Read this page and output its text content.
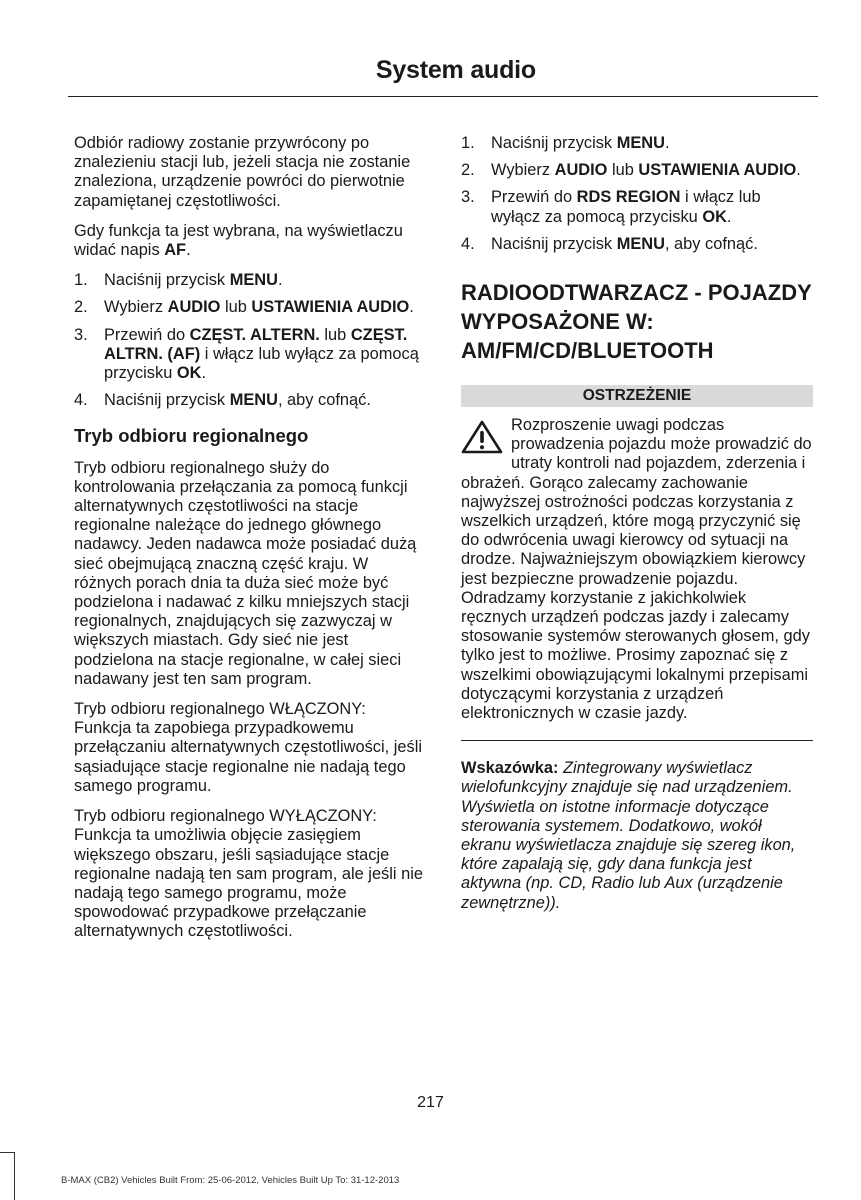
System audio

Odbiór radiowy zostanie przywrócony po znalezieniu stacji lub, jeżeli stacja nie zostanie znaleziona, urządzenie powróci do pierwotnie zapamiętanej częstotliwości.

Gdy funkcja ta jest wybrana, na wyświetlaczu widać napis AF.

1. Naciśnij przycisk MENU.
2. Wybierz AUDIO lub USTAWIENIA AUDIO.
3. Przewiń do CZĘST. ALTERN. lub CZĘST. ALTRN. (AF) i włącz lub wyłącz za pomocą przycisku OK.
4. Naciśnij przycisk MENU, aby cofnąć.
Tryb odbioru regionalnego

Tryb odbioru regionalnego służy do kontrolowania przełączania za pomocą funkcji alternatywnych częstotliwości na stacje regionalne należące do jednego głównego nadawcy. Jeden nadawca może posiadać dużą sieć obejmującą znaczną część kraju. W różnych porach dnia ta duża sieć może być podzielona i nadawać z kilku mniejszych stacji regionalnych, znajdujących się zazwyczaj w większych miastach. Gdy sieć nie jest podzielona na stacje regionalne, w całej sieci nadawany jest ten sam program.

Tryb odbioru regionalnego WŁĄCZONY: Funkcja ta zapobiega przypadkowemu przełączaniu alternatywnych częstotliwości, jeśli sąsiadujące stacje regionalne nie nadają tego samego programu.

Tryb odbioru regionalnego WYŁĄCZONY: Funkcja ta umożliwia objęcie zasięgiem większego obszaru, jeśli sąsiadujące stacje regionalne nadają ten sam program, ale jeśli nie nadają tego samego programu, może spowodować przypadkowe przełączanie alternatywnych częstotliwości.

1. Naciśnij przycisk MENU.
2. Wybierz AUDIO lub USTAWIENIA AUDIO.
3. Przewiń do RDS REGION i włącz lub wyłącz za pomocą przycisku OK.
4. Naciśnij przycisk MENU, aby cofnąć.
RADIOODTWARZACZ - POJAZDY WYPOSAŻONE W: AM/FM/CD/BLUETOOTH
OSTRZEŻENIE

Rozproszenie uwagi podczas prowadzenia pojazdu może prowadzić do utraty kontroli nad pojazdem, zderzenia i obrażeń. Gorąco zalecamy zachowanie najwyższej ostrożności podczas korzystania z wszelkich urządzeń, które mogą przyczynić się do odwrócenia uwagi kierowcy od sytuacji na drodze. Najważniejszym obowiązkiem kierowcy jest bezpieczne prowadzenie pojazdu. Odradzamy korzystanie z jakichkolwiek ręcznych urządzeń podczas jazdy i zalecamy stosowanie systemów sterowanych głosem, gdy tylko jest to możliwe. Prosimy zapoznać się z wszelkimi obowiązującymi lokalnymi przepisami dotyczącymi korzystania z urządzeń elektronicznych w czasie jazdy.

Wskazówka: Zintegrowany wyświetlacz wielofunkcyjny znajduje się nad urządzeniem. Wyświetla on istotne informacje dotyczące sterowania systemem. Dodatkowo, wokół ekranu wyświetlacza znajduje się szereg ikon, które zapalają się, gdy dana funkcja jest aktywna (np. CD, Radio lub Aux (urządzenie zewnętrzne)).

217
B-MAX (CB2) Vehicles Built From: 25-06-2012, Vehicles Built Up To: 31-12-2013
